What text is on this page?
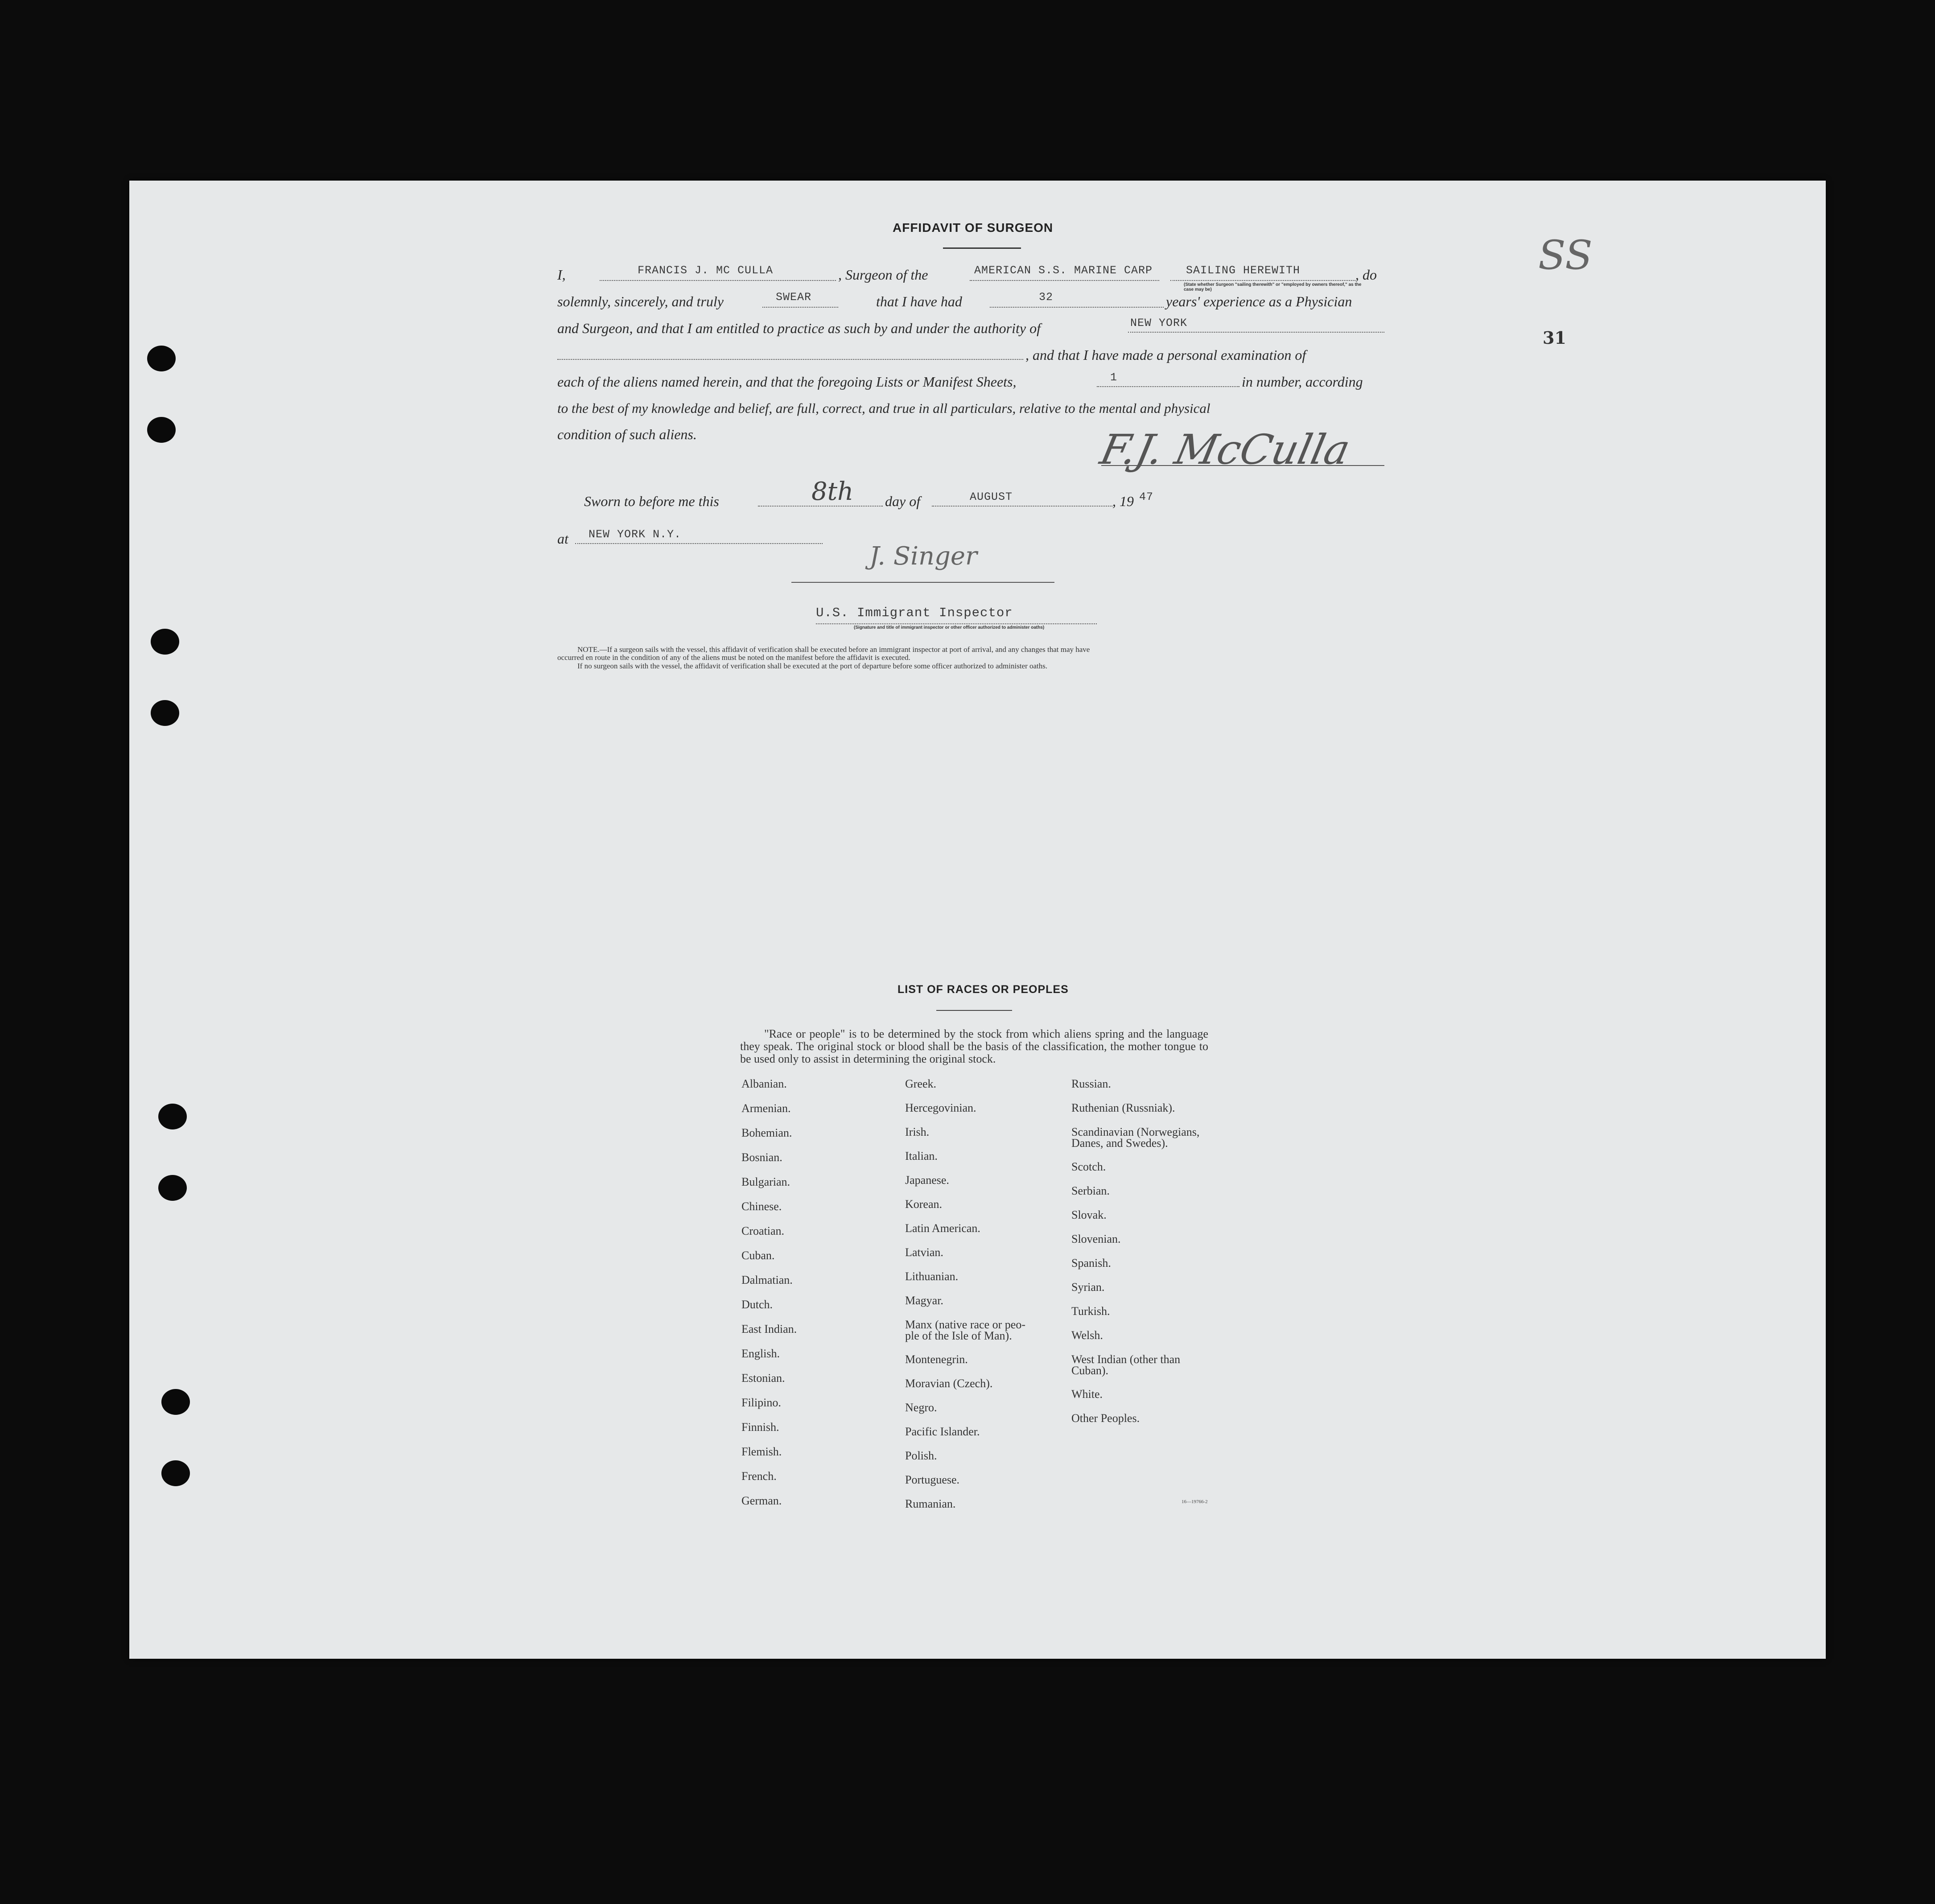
SS
31
AFFIDAVIT OF SURGEON
I,	FRANCIS J. MC CULLA	, Surgeon of the	AMERICAN S.S. MARINE CARP	SAILING HEREWITH
(State whether Surgeon "sailing therewith" or "employed by owners thereof," as the case may be)
, do
solemnly, sincerely, and truly	SWEAR	that I have had	32	years' experience as a Physician
and Surgeon, and that I am entitled to practice as such by and under the authority of	NEW YORK
, and that I have made a personal examination of
each of the aliens named herein, and that the foregoing Lists or Manifest Sheets,	1	in number, according
to the best of my knowledge and belief, are full, correct, and true in all particulars, relative to the mental and physical
condition of such aliens.	F.J. McCulla
Sworn to before me this	8th day of	AUGUST	, 19 47
at NEW YORK N.Y.
J. Singer
U.S. Immigrant Inspector
(Signature and title of immigrant inspector or other officer authorized to administer oaths)
NOTE.—If a surgeon sails with the vessel, this affidavit of verification shall be executed before an immigrant inspector at port of arrival, and any changes that may have
occurred en route in the condition of any of the aliens must be noted on the manifest before the affidavit is executed.
If no surgeon sails with the vessel, the affidavit of verification shall be executed at the port of departure before some officer authorized to administer oaths.
LIST OF RACES OR PEOPLES
"Race or people" is to be determined by the stock from which aliens spring and the language they speak. The original stock or blood shall be the basis of the classification, the mother tongue to be used only to assist in determining the original stock.
Albanian.
Armenian.
Bohemian.
Bosnian.
Bulgarian.
Chinese.
Croatian.
Cuban.
Dalmatian.
Dutch.
East Indian.
English.
Estonian.
Filipino.
Finnish.
Flemish.
French.
German.
Greek.
Hercegovinian.
Irish.
Italian.
Japanese.
Korean.
Latin American.
Latvian.
Lithuanian.
Magyar.
Manx (native race or peo-
ple of the Isle of Man).
Montenegrin.
Moravian (Czech).
Negro.
Pacific Islander.
Polish.
Portuguese.
Rumanian.
Russian.
Ruthenian (Russniak).
Scandinavian (Norwegians,
Danes, and Swedes).
Scotch.
Serbian.
Slovak.
Slovenian.
Spanish.
Syrian.
Turkish.
Welsh.
West Indian (other than
Cuban).
White.
Other Peoples.
16—19766-2
